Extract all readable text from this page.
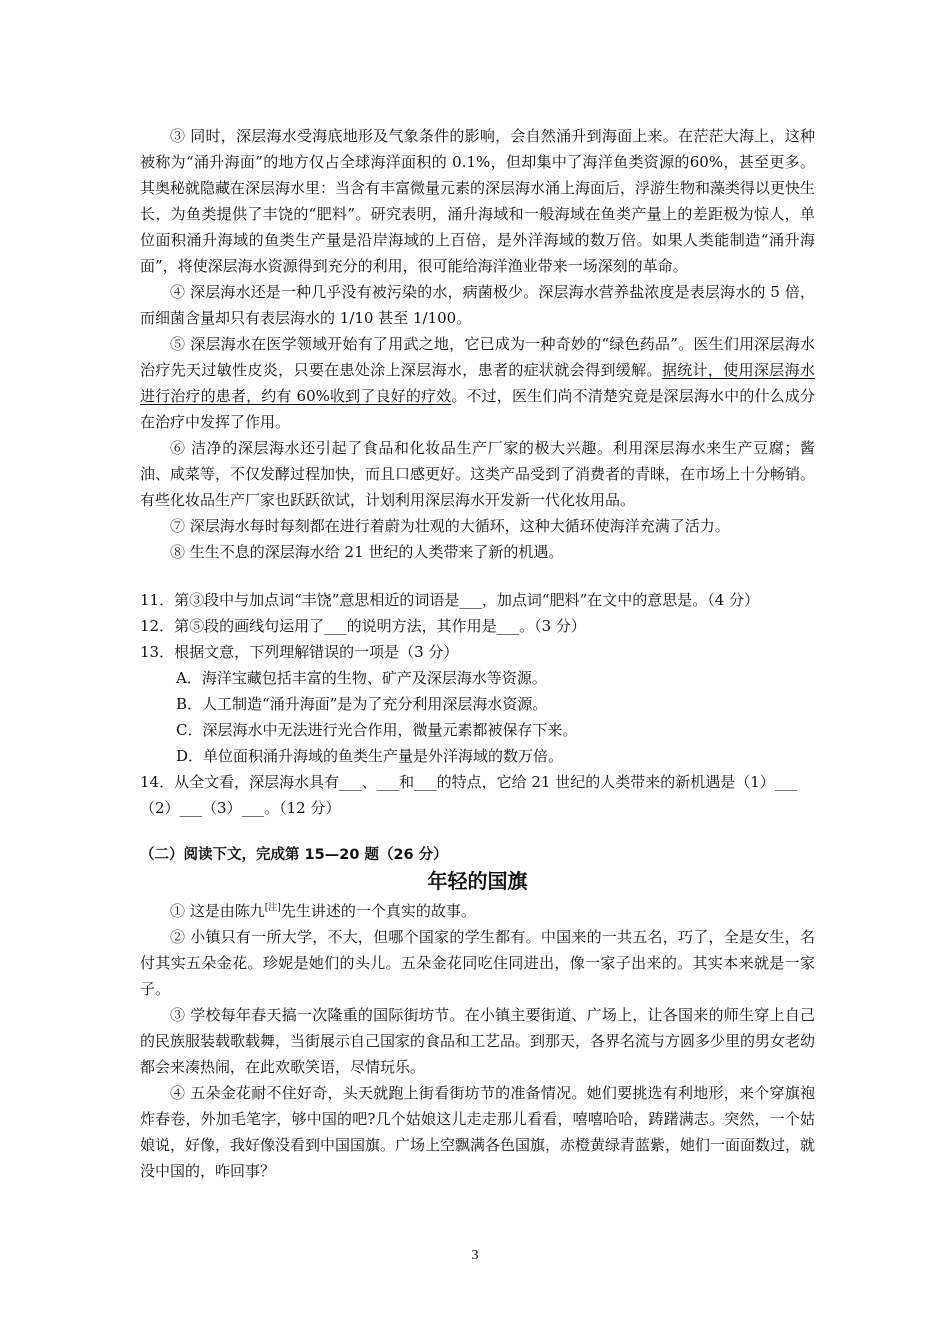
③ 同时，深层海水受海底地形及气象条件的影响，会自然涌升到海面上来。在茫茫大海上，这种被称为“涌升海面”的地方仅占全球海洋面积的 0.1%，但却集中了海洋鱼类资源的60%，甚至更多。其奥秘就隐藏在深层海水里：当含有丰富微量元素的深层海水涌上海面后，浮游生物和藻类得以更快生长，为鱼类提供了丰饶的“肥料”。研究表明，涌升海域和一般海域在鱼类产量上的差距极为惊人，单位面积涌升海域的鱼类生产量是沿岸海域的上百倍，是外洋海域的数万倍。如果人类能制造“涌升海面”，将使深层海水资源得到充分的利用，很可能给海洋渔业带来一场深刻的革命。

④ 深层海水还是一种几乎没有被污染的水，病菌极少。深层海水营养盐浓度是表层海水的 5 倍，而细菌含量却只有表层海水的 1/10 甚至 1/100。

⑤ 深层海水在医学领域开始有了用武之地，它已成为一种奇妙的“绿色药品”。医生们用深层海水治疗先天过敏性皮炎，只要在患处涂上深层海水，患者的症状就会得到缓解。据统计，使用深层海水进行治疗的患者，约有 60%收到了良好的疗效。不过，医生们尚不清楚究竟是深层海水中的什么成分在治疗中发挥了作用。

⑥ 洁净的深层海水还引起了食品和化妆品生产厂家的极大兴趣。利用深层海水来生产豆腐；酱油、咸菜等，不仅发酵过程加快，而且口感更好。这类产品受到了消费者的青睐，在市场上十分畅销。有些化妆品生产厂家也跃跃欲试，计划利用深层海水开发新一代化妆用品。

⑦ 深层海水每时每刻都在进行着蔚为壮观的大循环，这种大循环使海洋充满了活力。

⑧ 生生不息的深层海水给 21 世纪的人类带来了新的机遇。

11．第③段中与加点词“丰饶”意思相近的词语是___，加点词“肥料”在文中的意思是。（4 分）

12．第⑤段的画线句运用了___的说明方法，其作用是___。（3 分）

13．根据文意，下列理解错误的一项是（3 分）

A．海洋宝藏包括丰富的生物、矿产及深层海水等资源。

B．人工制造“涌升海面”是为了充分利用深层海水资源。

C．深层海水中无法进行光合作用，微量元素都被保存下来。

D．单位面积涌升海域的鱼类生产量是外洋海域的数万倍。

14．从全文看，深层海水具有___、___和___的特点，它给 21 世纪的人类带来的新机遇是（1）___（2）___（3）___。（12 分）

（二）阅读下文，完成第 15—20 题（26 分）
年轻的国旗

① 这是由陈九[注]先生讲述的一个真实的故事。

② 小镇只有一所大学，不大，但哪个国家的学生都有。中国来的一共五名，巧了，全是女生，名付其实五朵金花。珍妮是她们的头儿。五朵金花同吃住同进出，像一家子出来的。其实本来就是一家子。

③ 学校每年春天搞一次隆重的国际街坊节。在小镇主要街道、广场上，让各国来的师生穿上自己的民族服装载歌载舞，当街展示自己国家的食品和工艺品。到那天，各界名流与方圆多少里的男女老幼都会来凑热闹，在此欢歌笑语，尽情玩乐。

④ 五朵金花耐不住好奇，头天就跑上街看街坊节的准备情况。她们要挑选有利地形，来个穿旗袍炸春卷，外加毛笔字，够中国的吧?几个姑娘这儿走走那儿看看，嘻嘻哈哈，踌躇满志。突然，一个姑娘说，好像，我好像没看到中国国旗。广场上空飘满各色国旗，赤橙黄绿青蓝紫，她们一面面数过，就没中国的，咋回事？

3
